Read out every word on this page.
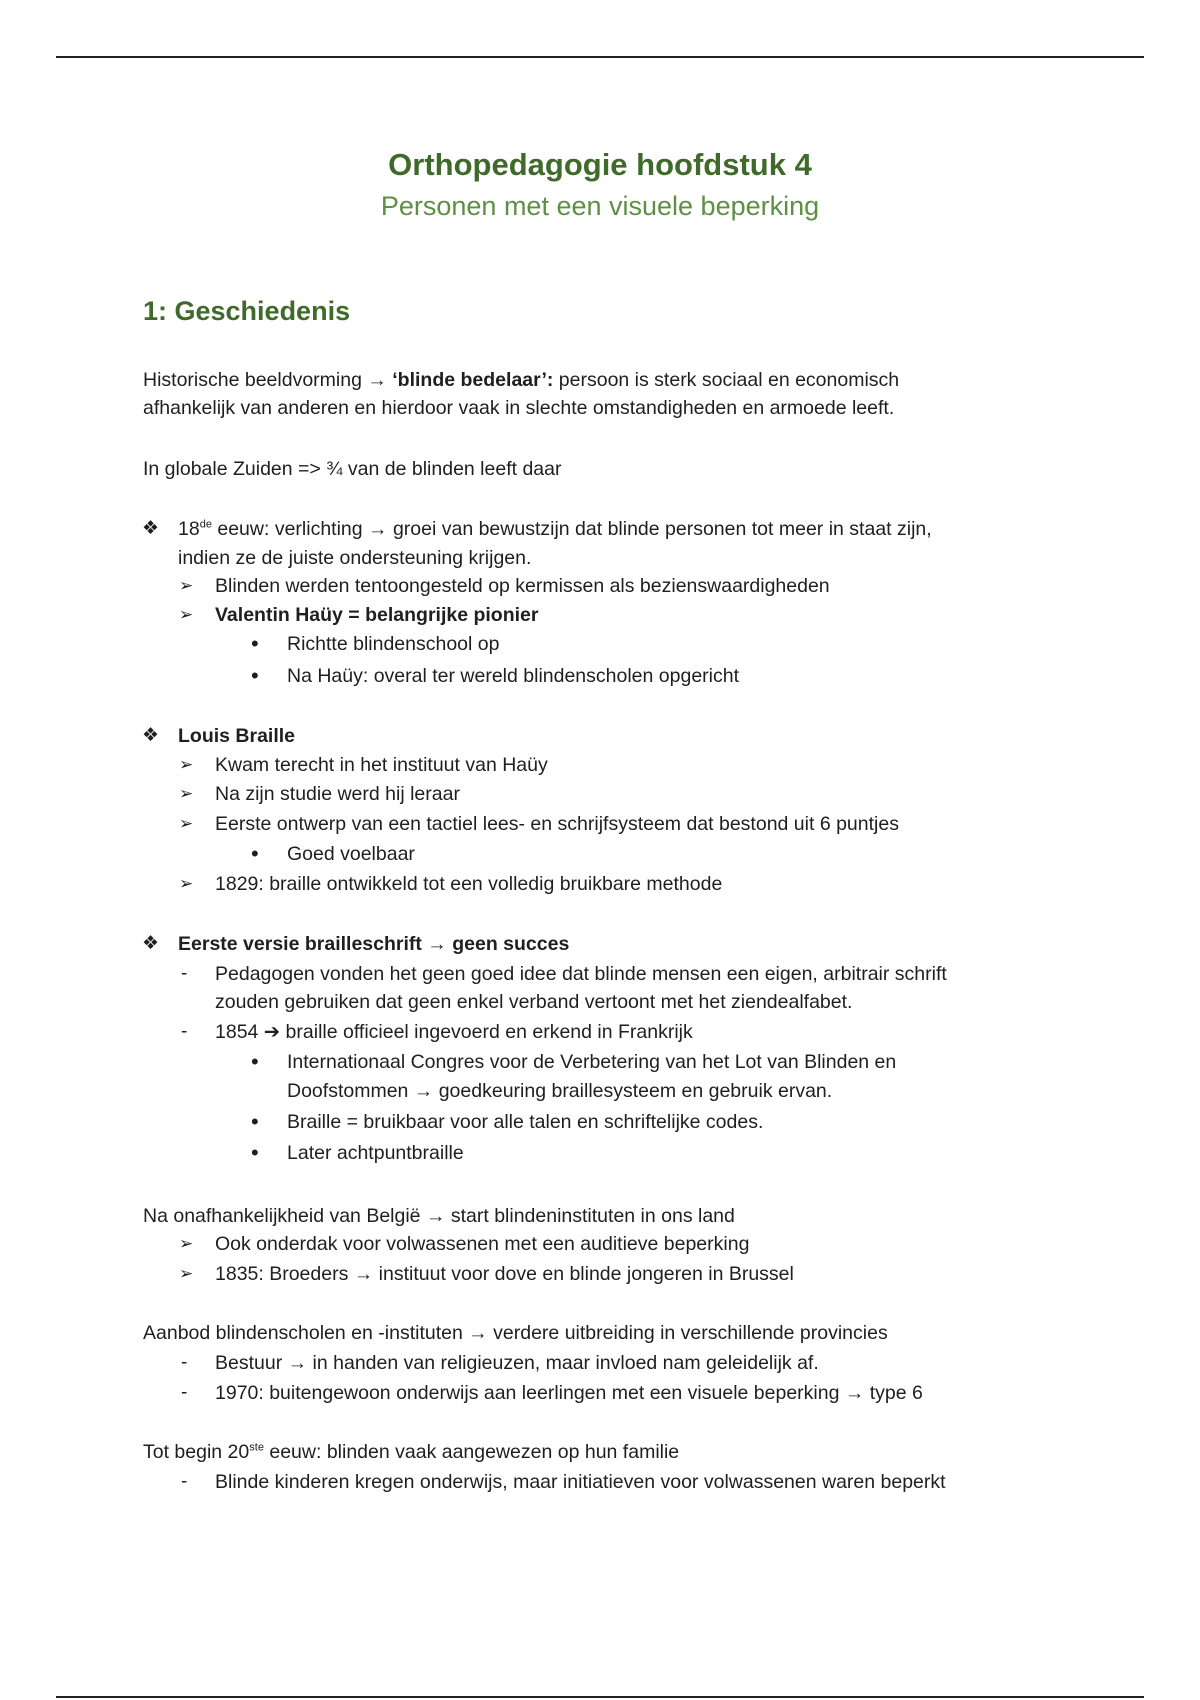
Orthopedagogie hoofdstuk 4

Personen met een visuele beperking

1: Geschiedenis

Historische beeldvorming → ‘blinde bedelaar’: persoon is sterk sociaal en economisch
afhankelijk van anderen en hierdoor vaak in slechte omstandigheden en armoede leeft.
In globale Zuiden => ¾ van de blinden leeft daar
❖ 18de eeuw: verlichting → groei van bewustzijn dat blinde personen tot meer in staat zijn,
indien ze de juiste ondersteuning krijgen.
➢ Blinden werden tentoongesteld op kermissen als bezienswaardigheden
➢ Valentin Haüy = belangrijke pionier
• Richtte blindenschool op
• Na Haüy: overal ter wereld blindenscholen opgericht
❖ Louis Braille
➢ Kwam terecht in het instituut van Haüy
➢ Na zijn studie werd hij leraar
➢ Eerste ontwerp van een tactiel lees- en schrijfsysteem dat bestond uit 6 puntjes
• Goed voelbaar
➢ 1829: braille ontwikkeld tot een volledig bruikbare methode
❖ Eerste versie brailleschrift → geen succes
- Pedagogen vonden het geen goed idee dat blinde mensen een eigen, arbitrair schrift
zouden gebruiken dat geen enkel verband vertoont met het ziendealfabet.
- 1854 ➔ braille officieel ingevoerd en erkend in Frankrijk
• Internationaal Congres voor de Verbetering van het Lot van Blinden en
Doofstommen → goedkeuring braillesysteem en gebruik ervan.
• Braille = bruikbaar voor alle talen en schriftelijke codes.
• Later achtpuntbraille
Na onafhankelijkheid van België → start blindeninstituten in ons land
➢ Ook onderdak voor volwassenen met een auditieve beperking
➢ 1835: Broeders → instituut voor dove en blinde jongeren in Brussel
Aanbod blindenscholen en -instituten → verdere uitbreiding in verschillende provincies
- Bestuur → in handen van religieuzen, maar invloed nam geleidelijk af.
- 1970: buitengewoon onderwijs aan leerlingen met een visuele beperking → type 6
Tot begin 20ste eeuw: blinden vaak aangewezen op hun familie
- Blinde kinderen kregen onderwijs, maar initiatieven voor volwassenen waren beperkt
